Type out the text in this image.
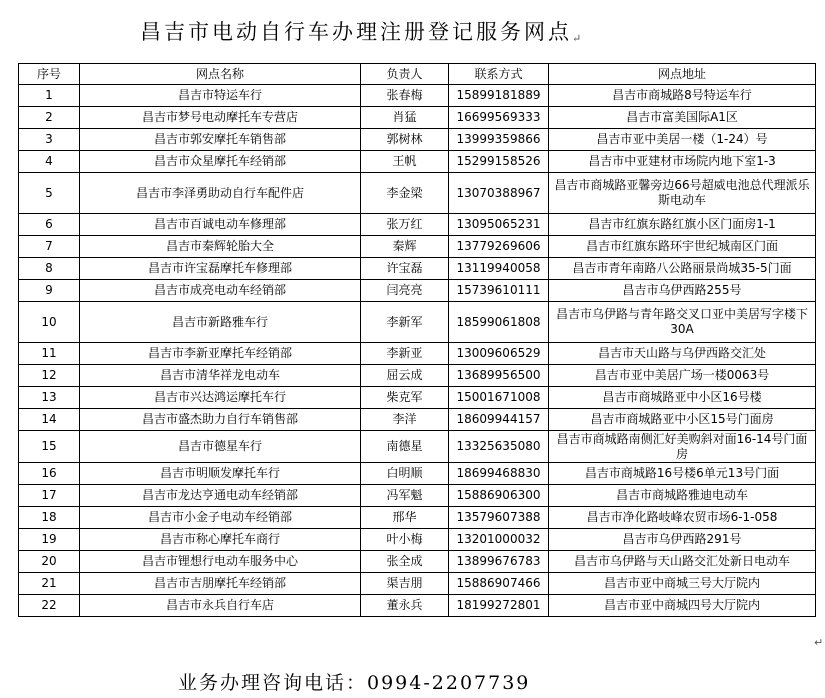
昌吉市电动自行车办理注册登记服务网点↵
序号	网点名称	负责人	联系方式	网点地址
1	昌吉市特运车行	张春梅	15899181889	昌吉市商城路8号特运车行
2	昌吉市梦号电动摩托车专营店	肖猛	16699569333	昌吉市富美国际A1区
3	昌吉市郭安摩托车销售部	郭树林	13999359866	昌吉市亚中美居一楼（1-24）号
4	昌吉市众星摩托车经销部	王帆	15299158526	昌吉市中亚建材市场院内地下室1-3
5	昌吉市李泽勇助动自行车配件店	李金梁	13070388967	昌吉市商城路亚馨旁边66号超威电池总代理派乐斯电动车
6	昌吉市百诚电动车修理部	张万红	13095065231	昌吉市红旗东路红旗小区门面房1-1
7	昌吉市秦辉轮胎大全	秦辉	13779269606	昌吉市红旗东路环宇世纪城南区门面
8	昌吉市许宝磊摩托车修理部	许宝磊	13119940058	昌吉市青年南路八公路丽景尚城35-5门面
9	昌吉市成亮电动车经销部	闫亮亮	15739610111	昌吉市乌伊西路255号
10	昌吉市新路雅车行	李新军	18599061808	昌吉市乌伊路与青年路交叉口亚中美居写字楼下30A
11	昌吉市李新亚摩托车经销部	李新亚	13009606529	昌吉市天山路与乌伊西路交汇处
12	昌吉市清华祥龙电动车	屈云成	13689956500	昌吉市亚中美居广场一楼0063号
13	昌吉市兴达鸿运摩托车行	柴克军	15001671008	昌吉市商城路亚中小区16号楼
14	昌吉市盛杰助力自行车销售部	李洋	18609944157	昌吉市商城路亚中小区15号门面房
15	昌吉市德星车行	南德星	13325635080	昌吉市商城路南侧汇好美购斜对面16-14号门面房
16	昌吉市明顺发摩托车行	白明顺	18699468830	昌吉市商城路16号楼6单元13号门面
17	昌吉市龙达亨通电动车经销部	冯军魁	15886906300	昌吉市商城路雅迪电动车
18	昌吉市小金子电动车经销部	邢华	13579607388	昌吉市净化路岐峰农贸市场6-1-058
19	昌吉市称心摩托车商行	叶小梅	13201000032	昌吉市乌伊西路291号
20	昌吉市锂想行电动车服务中心	张全成	13899676783	昌吉市乌伊路与天山路交汇处新日电动车
21	昌吉市吉朋摩托车经销部	渠吉朋	15886907466	昌吉市亚中商城三号大厅院内
22	昌吉市永兵自行车店	董永兵	18199272801	昌吉市亚中商城四号大厅院内
业务办理咨询电话：0994-2207739
↵
